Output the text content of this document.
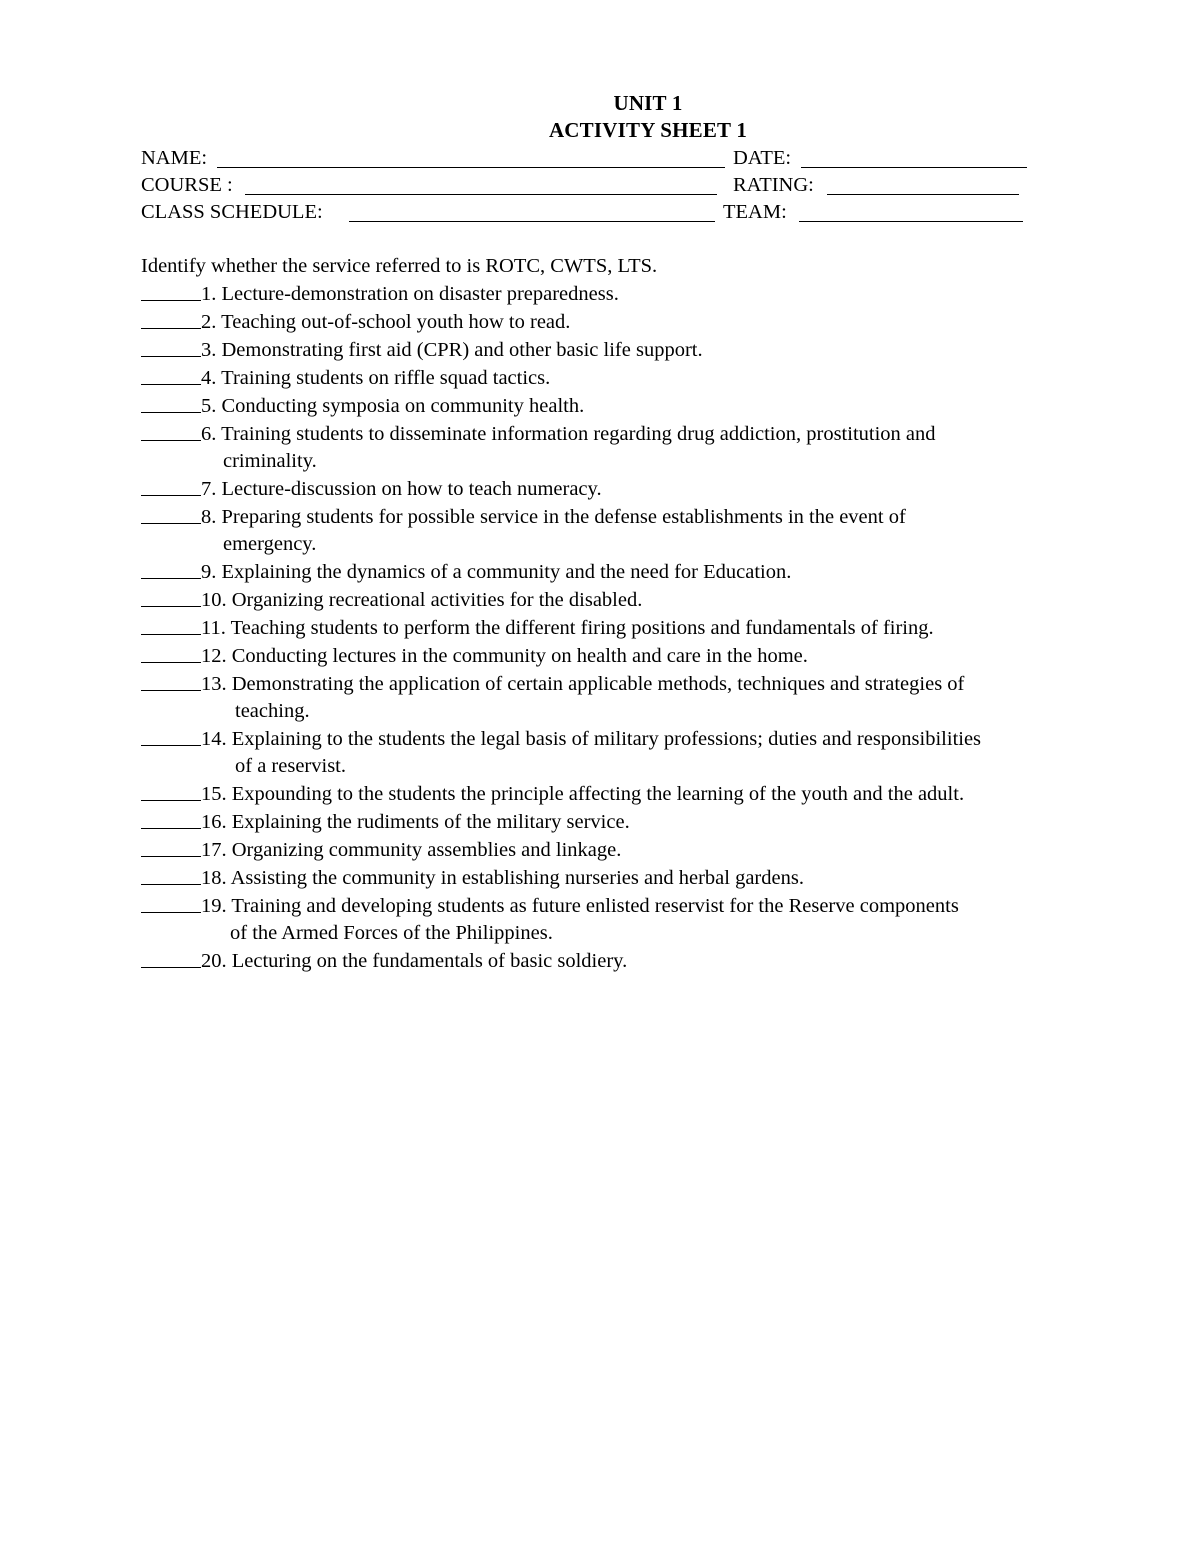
UNIT 1
ACTIVITY SHEET 1
NAME:	DATE:
COURSE :	RATING:
CLASS SCHEDULE:	TEAM:
Identify whether the service referred to is ROTC, CWTS, LTS.
1. Lecture-demonstration on disaster preparedness.
2. Teaching out-of-school youth how to read.
3. Demonstrating first aid (CPR) and other basic life support.
4. Training students on riffle squad tactics.
5. Conducting symposia on community health.
6. Training students to disseminate information regarding drug addiction, prostitution and
criminality.
7. Lecture-discussion on how to teach numeracy.
8. Preparing students for possible service in the defense establishments in the event of
emergency.
9. Explaining the dynamics of a community and the need for Education.
10. Organizing recreational activities for the disabled.
11. Teaching students to perform the different firing positions and fundamentals of firing.
12. Conducting lectures in the community on health and care in the home.
13. Demonstrating the application of certain applicable methods, techniques and strategies of
teaching.
14. Explaining to the students the legal basis of military professions; duties and responsibilities
of a reservist.
15. Expounding to the students the principle affecting the learning of the youth and the adult.
16. Explaining the rudiments of the military service.
17. Organizing community assemblies and linkage.
18. Assisting the community in establishing nurseries and herbal gardens.
19. Training and developing students as future enlisted reservist for the Reserve components
of the Armed Forces of the Philippines.
20. Lecturing on the fundamentals of basic soldiery.
